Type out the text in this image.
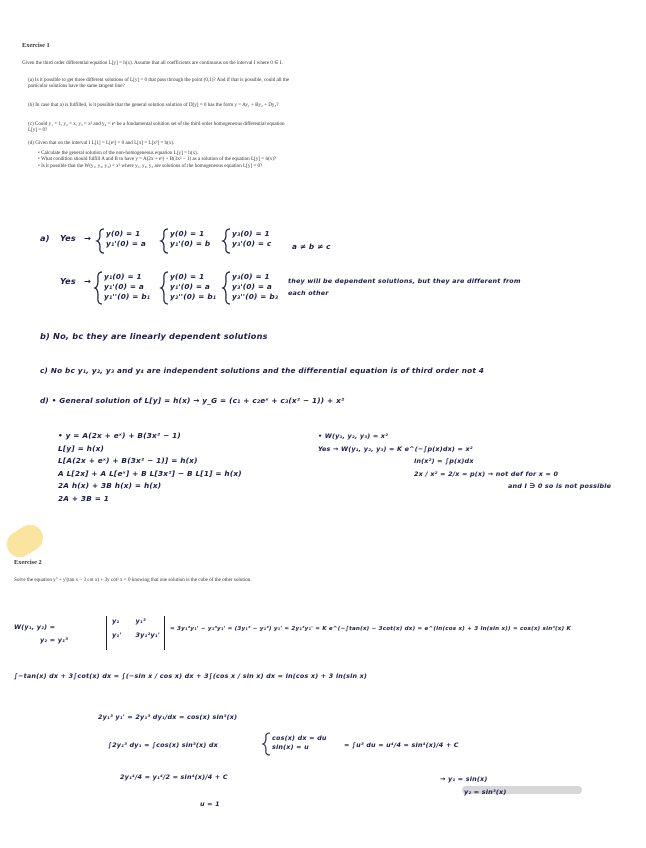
Exercise 1
Given the third order differential equation L[y] = h(x). Assume that all coefficients are continuous on the interval I where 0 ∈ I.
(a) Is it possible to get three different solutions of L[y] = 0 that pass through the point (0,1)? And if that is possible, could all the particular solutions have the same tangent line?
(b) In case that a) is fulfilled, is it possible that the general solution solution of D[y] = 0 has the form y = Ay₁ + By₂ + Dy₃?
(c) Could y₁ = 1, y₂ = x, y₃ = x² and y₄ = eˣ be a fundamental solution set of the third order homogeneous differential equation L[y] = 0?
(d) Given that on the interval I L[1] = L[eˣ] = 0 and L[x] = L[x²] = h(x).
• Calculate the general solution of the non-homogeneous equation L[y] = h(x).
• What condition should fulfill A and B to have y = A(2x + eˣ) + B(3x² − 1) as a solution of the equation L[y] = h(x)?
• Is it possible that the W(y₁, y₂, y₃) = x² where y₁, y₂, y₃ are solutions of the homogeneous equation L[y] = 0?
a) Yes → y(0) = 1
y₁'(0) = a
y(0) = 1
y₁'(0) = b
y₃(0) = 1
y₃'(0) = c	a ≠ b ≠ c
Yes → y₁(0) = 1
y₁'(0) = a
y₁''(0) = b₁
y(0) = 1
y₁'(0) = a
y₂''(0) = b₁
y₃(0) = 1
y₃'(0) = a
y₃''(0) = b₃
they will be dependent solutions, but they are different from
each other
b) No, bc they are linearly dependent solutions
c) No bc y₁, y₂, y₃ and y₄ are independent solutions and the differential equation is of third order not 4
d) • General solution of L[y] = h(x) → y_G = (c₁ + c₂eˣ + c₃(x² − 1)) + x²
• y = A(2x + eˣ) + B(3x² − 1)
L[y] = h(x)
L[A(2x + eˣ) + B(3x² − 1)] = h(x)
A L[2x] + A L[eˣ] + B L[3x²] − B L[1] = h(x)
2A h(x) + 3B h(x) = h(x)
2A + 3B = 1
• W(y₁, y₂, y₃) = x²
Yes → W(y₁, y₂, y₃) = K e^(−∫p(x)dx) = x²
ln(x²) = ∫p(x)dx
2x / x² = 2/x = p(x) → not def for x = 0
and I ∋ 0 so is not possible
Exercise 2
Solve the equation y'' + y'(tan x − 3 cot x) + 3y cot² x = 0 knowing that one solution is the cube of the other solution.
W(y₁, y₂) =
y₂ = y₁³
y₁	y₁³
y₁'	3y₁²y₁'
= 3y₁³y₁' − y₁³y₁' = (3y₁³ − y₁³) y₁' = 2y₁³y₁' = K e^(−∫tan(x) − 3cot(x) dx) = e^(ln(cos x) + 3 ln(sin x)) = cos(x) sin³(x) K
∫−tan(x) dx + 3∫cot(x) dx = ∫(−sin x / cos x) dx + 3∫(cos x / sin x) dx = ln(cos x) + 3 ln(sin x)
2y₁³ y₁' = 2y₁³ dy₁/dx = cos(x) sin³(x)
∫2y₁³ dy₁ = ∫cos(x) sin³(x) dx
cos(x) dx = du
sin(x) = u	= ∫u³ du = u⁴/4 = sin⁴(x)/4 + C
2y₁⁴/4 = y₁⁴/2 = sin⁴(x)/4 + C
u = 1
→ y₁ = sin(x)
y₂ = sin³(x)
